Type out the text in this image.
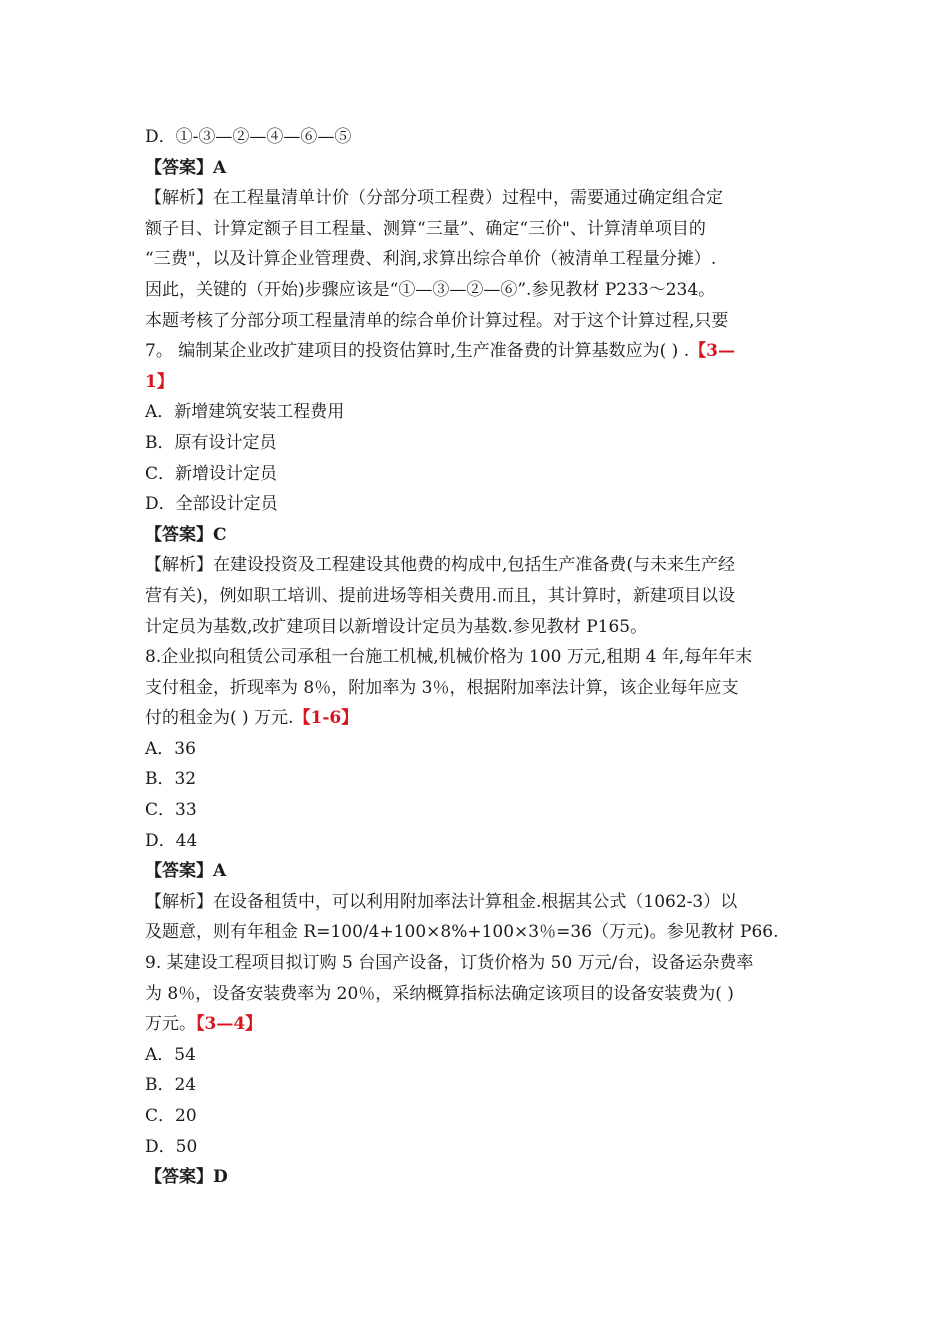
D．①-③—②—④—⑥—⑤
【答案】A
【解析】在工程量清单计价（分部分项工程费）过程中，需要通过确定组合定
额子目、计算定额子目工程量、测算“三量”、确定“三价"、计算清单项目的
“三费"，以及计算企业管理费、利润,求算出综合单价（被清单工程量分摊）.
因此，关键的（开始)步骤应该是“①—③—②—⑥”.参见教材 P233～234。
本题考核了分部分项工程量清单的综合单价计算过程。对于这个计算过程,只要
7。 编制某企业改扩建项目的投资估算时,生产准备费的计算基数应为( ) .【3—
1】
A．新增建筑安装工程费用
B．原有设计定员
C．新增设计定员
D．全部设计定员
【答案】C
【解析】在建设投资及工程建设其他费的构成中,包括生产准备费(与未来生产经
营有关)，例如职工培训、提前进场等相关费用.而且，其计算时，新建项目以设
计定员为基数,改扩建项目以新增设计定员为基数.参见教材 P165。
8.企业拟向租赁公司承租一台施工机械,机械价格为 100 万元,租期 4 年,每年年末
支付租金，折现率为 8％，附加率为 3％，根据附加率法计算，该企业每年应支
付的租金为( ) 万元.【1-6】
A．36
B．32
C．33
D．44
【答案】A
【解析】在设备租赁中，可以利用附加率法计算租金.根据其公式（1062-3）以
及题意，则有年租金 R=100/4+100×8%+100×3％=36（万元)。参见教材 P66.
9. 某建设工程项目拟订购 5 台国产设备，订货价格为 50 万元/台，设备运杂费率
为 8％，设备安装费率为 20％，采纳概算指标法确定该项目的设备安装费为( )
万元。【3—4】
A．54
B．24
C．20
D．50
【答案】D
